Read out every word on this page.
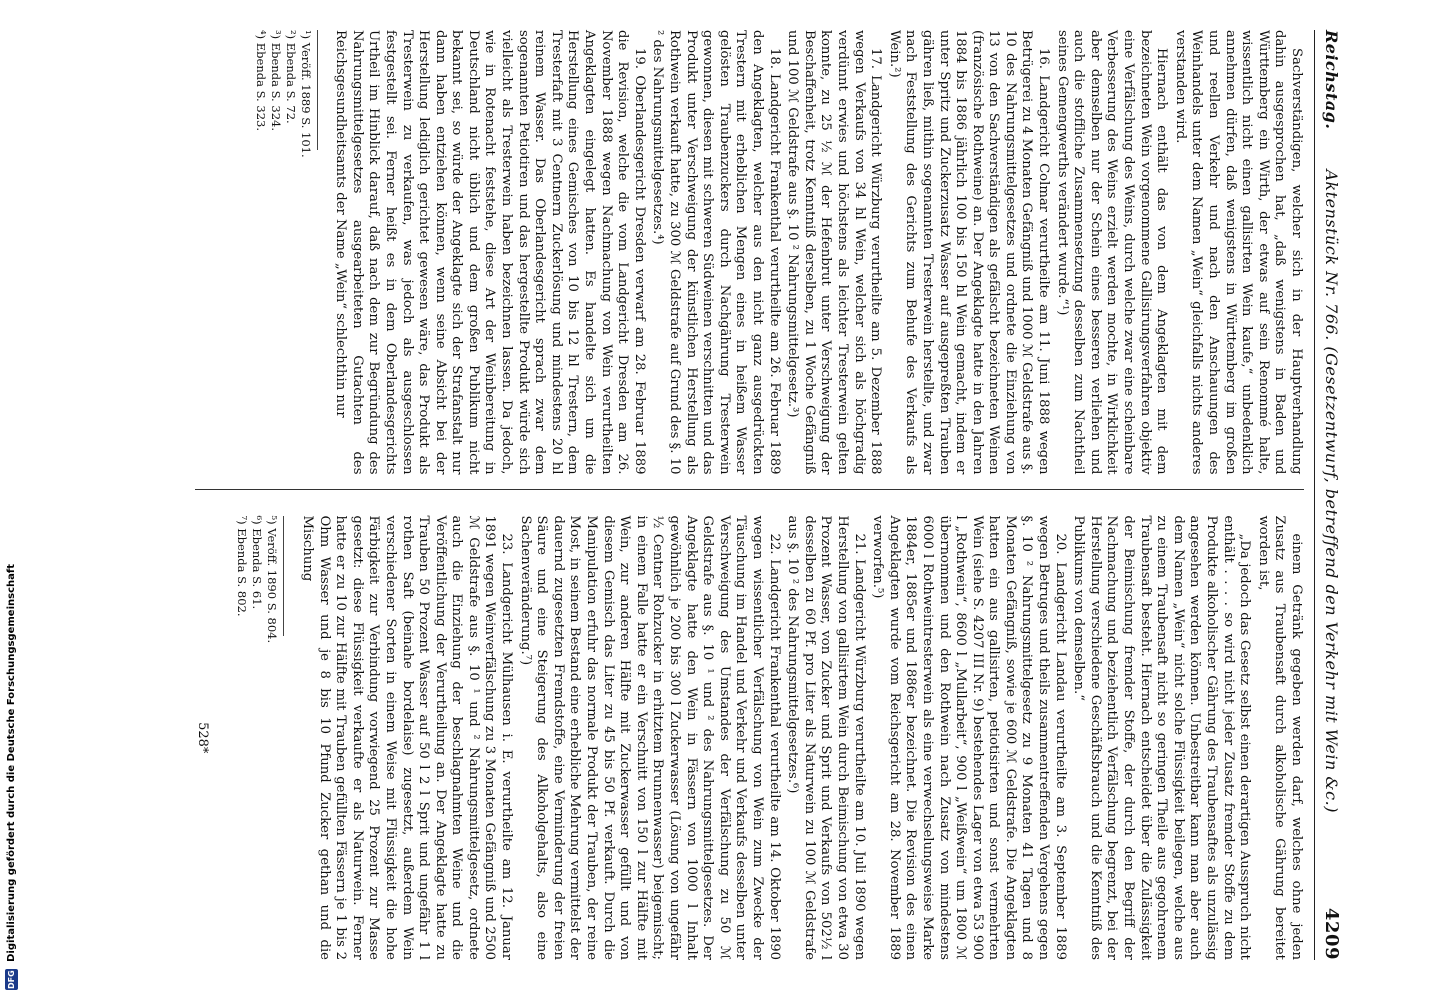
Reichstag.
Aktenstück Nr. 766. (Gesetzentwurf, betreffend den Verkehr mit Wein &c.)
4209

Sachverständigen, welcher sich in der Hauptverhandlung dahin ausgesprochen hat, „daß wenigstens in Baden und Württemberg ein Wirth, der etwas auf sein Renommé halte, wissentlich nicht einen gallisirten Wein kaufe,“ unbedenklich annehmen dürfen, daß wenigstens in Württemberg im großen und reellen Verkehr und nach den Anschauungen des Weinhandels unter dem Namen „Wein“ gleichfalls nichts anderes verstanden wird.

Hiernach enthält das von dem Angeklagten mit dem bezeichneten Wein vorgenommene Gallisirungsverfahren objektiv eine Verfälschung des Weins, durch welche zwar eine scheinbare Verbesserung des Weins erzielt werden mochte, in Wirklichkeit aber demselben nur der Schein eines besseren verliehen und auch die stoffliche Zusammensetzung desselben zum Nachtheil seines Gemengwerths verändert wurde.“¹)

16. Landgericht Colmar verurtheilte am 11. Juni 1888 wegen Betrügerei zu 4 Monaten Gefängniß und 1000 ℳ Geldstrafe aus §. 10 des Nahrungsmittelgesetzes und ordnete die Einziehung von 13 von den Sachverständigen als gefälscht bezeichneten Weinen (französische Rothweine) an. Der Angeklagte hatte in den Jahren 1884 bis 1886 jährlich 100 bis 150 hl Wein gemacht, indem er unter Spritz und Zuckerzusatz Wasser auf ausgepreßten Trauben gähren ließ, mithin sogenannten Tresterwein herstellte, und zwar nach Feststellung des Gerichts zum Behufe des Verkaufs als Wein.²)

17. Landgericht Würzburg verurtheilte am 5. Dezember 1888 wegen Verkaufs von 34 hl Wein, welcher sich als höchgradig verdünnt erwies und höchstens als leichter Tresterwein gelten konnte, zu 25 ½ ℳ der Hefenbrut unter Verschweigung der Beschaffenheit, trotz Kenntniß derselben, zu 1 Woche Gefängniß und 100 ℳ Geldstrafe aus §. 10 ² Nahrungsmittelgesetz.³)

18. Landgericht Frankenthal verurtheilte am 26. Februar 1889 den Angeklagten, welcher aus den nicht ganz ausgedrückten Trestern mit erheblichen Mengen eines in heißem Wasser gelösten Traubenzuckers durch Nachgährung Tresterwein gewonnen, diesen mit schweren Südweinen verschnitten und das Produkt unter Verschweigung der künstlichen Herstellung als Rothwein verkauft hatte, zu 300 ℳ Geldstrafe auf Grund des §. 10 ² des Nahrungsmittelgesetzes.⁴)

19. Oberlandesgericht Dresden verwarf am 28. Februar 1889 die Revision, welche die vom Landgericht Dresden am 26. November 1888 wegen Nachmachung von Wein verurtheilten Angeklagten eingelegt hatten. Es handelte sich um die Herstellung eines Gemisches von 10 bis 12 hl Trestern, dem Tresterfaft mit 3 Centnern Zuckerlösung und mindestens 20 hl reinem Wasser. Das Oberlandesgericht sprach zwar dem sogenannten Petiotiren und das hergestellte Produkt würde sich vielleicht als Tresterwein haben bezeichnen lassen. Da jedoch, wie in Rotenacht feststehe, diese Art der Weinbereitung in Deutschland nicht üblich und dem großen Publikum nicht bekannt sei, so würde der Angeklagte sich der Strafanstalt nur dann haben entziehen können, wenn seine Absicht bei der Herstellung lediglich gerichtet gewesen wäre, das Produkt als Tresterwein zu verkaufen, was jedoch als ausgeschlossen festgestellt sei. Ferner heißt es in dem Oberlandesgerichts Urtheil im Hinblick darauf, daß nach dem zur Begründung des Nahrungsmittelgesetzes ausgearbeiteten Gutachten des Reichsgesundheitsamts der Name „Wein“ schlechthin nur

¹) Veröff. 1889 S. 101.
²) Ebenda S. 72.
³) Ebenda S. 324.
⁴) Ebenda S. 323.

einem Getränk gegeben werden darf, welches ohne jeden Zusatz aus Traubensaft durch alkoholische Gährung bereitet worden ist,

„Da jedoch das Gesetz selbst einen derartigen Ausspruch nicht enthält . . . . so wird nicht jeder Zusatz fremder Stoffe zu dem Produkte alkoholischer Gährung des Traubensaftes als unzulässig angesehen werden können. Unbestreitbar kann man aber auch dem Namen „Wein“ nicht solche Flüssigkeit beilegen, welche aus zu einem Traubensaft nicht so geringen Theile aus gegohrenem Traubensaft besteht. Hiernach entscheidet über die Zulässigkeit der Beimischung fremder Stoffe, der durch den Begriff der Nachmachung und beziehentlich Verfälschung begrenzt, bei der Herstellung verschiedene Geschäftsbrauch und die Kenntniß des Publikums von demselben.“

20. Landgericht Landau verurtheilte am 3. September 1889 wegen Betruges und theils zusammentreffenden Vergehens gegen §. 10 ² Nahrungsmittelgesetz zu 9 Monaten 41 Tagen und 8 Monaten Gefängniß, sowie je 600 ℳ Geldstrafe. Die Angeklagten hatten ein aus gallisirten, petiotisirten und sonst vermehrten Wein (siehe S. 4207 III Nr. 9) bestehendes Lager von etwa 53 900 l „Rothwein“, 8600 l „Mullarbeit“, 900 l „Weißwein“ um 1800 ℳ übernommen und den Rothwein nach Zusatz von mindestens 6000 l Rothweintresterwein als eine verwechselungsweise Marke 1884er, 1885er und 1886er bezeichnet. Die Revision des einen Angeklagten wurde vom Reichsgericht am 28. November 1889 verworfen.⁵)

21. Landgericht Würzburg verurtheilte am 10. Juli 1890 wegen Herstellung von gallisirtem Wein durch Beimischung von etwa 30 Prozent Wasser, von Zucker und Sprit und Verkaufs von 502½ l desselben zu 60 Pf. pro Liter als Naturwein zu 100 ℳ Geldstrafe aus §. 10 ² des Nahrungsmittelgesetzes.⁶)

22. Landgericht Frankenthal verurtheilte am 14. Oktober 1890 wegen wissentlicher Verfälschung von Wein zum Zwecke der Täuschung im Handel und Verkehr und Verkaufs desselben unter Verschweigung des Umstandes der Verfälschung zu 50 ℳ Geldstrafe aus §. 10 ¹ und ² des Nahrungsmittelgesetzes. Der Angeklagte hatte den Wein in Fässern von 1000 l Inhalt gewöhnlich je 200 bis 300 l Zuckerwasser (Lösung von ungefähr ½ Centner Rohzucker in erhitztem Brunnenwasser) beigemischt; in einem Falle hatte er ein Verschnitt von 150 l zur Hälfte mit Wein, zur anderen Hälfte mit Zuckerwasser gefüllt und von diesem Gemisch das Liter zu 45 bis 50 Pf. verkauft. Durch die Manipulation erfuhr das normale Produkt der Trauben, der reine Most, in seinem Bestand eine erhebliche Mehrung vermittelst der dauernd zugesetzten Fremdstoffe, eine Verminderung der freien Säure und eine Steigerung des Alkoholgehalts, also eine Sachenveränderung.⁷)

23. Landgericht Mülhausen i. E. verurtheilte am 12. Januar 1891 wegen Weinverfälschung zu 3 Monaten Gefängniß und 2500 ℳ Geldstrafe aus §. 10 ¹ und ² Nahrungsmittelgesetz, ordnete auch die Einziehung der beschlagnahmten Weine und die Veröffentlichung der Verurtheilung an. Der Angeklagte hatte zu Trauben 50 Prozent Wasser auf 50 l 2 l Sprit und ungefähr 1 l rothen Saft (beinahe bordelaise) zugesetzt, außerdem Wein verschiedener Sorten in einem Weise mit Flüssigkeit die hohe Färbigkeit zur Verbindung vorwiegend 25 Prozent zur Masse gesetzt: diese Flüssigkeit verkaufte er als Naturwein. Ferner hatte er zu 10 zur Hälfte mit Trauben gefüllten Fässern je 1 bis 2 Ohm Wasser und je 8 bis 10 Pfund Zucker gethan und die Mischung

⁵) Veröff. 1890 S. 804.
⁶) Ebenda S. 61.
⁷) Ebenda S. 802.
528*
DFG Digitalisierung gefördert durch die Deutsche Forschungsgemeinschaft
